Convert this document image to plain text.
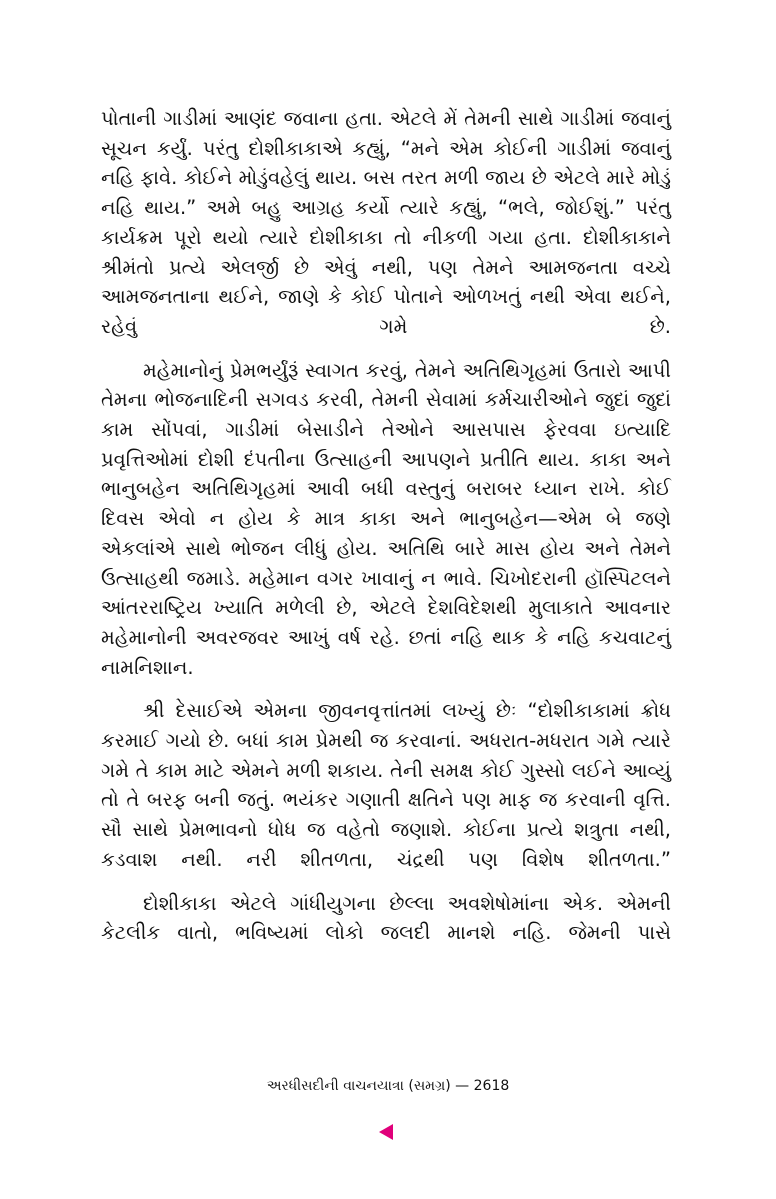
પોતાની ગાડીમાં આણંદ જવાના હતા. એટલે મેં તેમની સાથે ગાડીમાં જવાનું સૂચન કર્યું. પરંતુ દોશીકાકાએ કહ્યું, “મને એમ કોઈની ગાડીમાં જવાનું નહિ ફાવે. કોઈને મોડુંવહેલું થાય. બસ તરત મળી જાય છે એટલે મારે મોડું નહિ થાય.” અમે બહુ આગ્રહ કર્યો ત્યારે કહ્યું, “ભલે, જોઈશું.” પરંતુ કાર્યક્રમ પૂરો થયો ત્યારે દોશીકાકા તો નીકળી ગયા હતા. દોશીકાકાને શ્રીમંતો પ્રત્યે એલર્જી છે એવું નથી, પણ તેમને આમજનતા વચ્ચે આમજનતાના થઈને, જાણે કે કોઈ પોતાને ઓળખતું નથી એવા થઈને, રહેવું ગમે છે.

મહેમાનોનું પ્રેમભર્યુંરૂં સ્વાગત કરવું, તેમને અતિથિગૃહમાં ઉતારો આપી તેમના ભોજનાદિની સગવડ કરવી, તેમની સેવામાં કર્મચારીઓને જુદાં જુદાં કામ સોંપવાં, ગાડીમાં બેસાડીને તેઓને આસપાસ ફેરવવા ઇત્યાદિ પ્રવૃત્તિઓમાં દોશી દંપતીના ઉત્સાહની આપણને પ્રતીતિ થાય. કાકા અને ભાનુબહેન અતિથિગૃહમાં આવી બધી વસ્તુનું બરાબર ધ્યાન રાખે. કોઈ દિવસ એવો ન હોય કે માત્ર કાકા અને ભાનુબહેન—એમ બે જણે એકલાંએ સાથે ભોજન લીધું હોય. અતિથિ બારે માસ હોય અને તેમને ઉત્સાહથી જમાડે. મહેમાન વગર ખાવાનું ન ભાવે. ચિખોદરાની હૉસ્પિટલને આંતરરાષ્ટ્રિય ખ્યાતિ મળેલી છે, એટલે દેશવિદેશથી મુલાકાતે આવનાર મહેમાનોની અવરજવર આખું વર્ષ રહે. છતાં નહિ થાક કે નહિ કચવાટનું નામનિશાન.

શ્રી દેસાઈએ એમના જીવનવૃત્તાંતમાં લખ્યું છેઃ “દોશીકાકામાં ક્રોધ કરમાઈ ગયો છે. બધાં કામ પ્રેમથી જ કરવાનાં. અધરાત-મધરાત ગમે ત્યારે ગમે તે કામ માટે એમને મળી શકાય. તેની સમક્ષ કોઈ ગુસ્સો લઈને આવ્યું તો તે બરફ બની જતું. ભયંકર ગણાતી ક્ષતિને પણ માફ જ કરવાની વૃત્તિ. સૌ સાથે પ્રેમભાવનો ધોધ જ વહેતો જણાશે. કોઈના પ્રત્યે શત્રુતા નથી, કડવાશ નથી. નરી શીતળતા, ચંદ્રથી પણ વિશેષ શીતળતા.”

દોશીકાકા એટલે ગાંધીયુગના છેલ્લા અવશેષોમાંના એક. એમની કેટલીક વાતો, ભવિષ્યમાં લોકો જલદી માનશે નહિ. જેમની પાસે

અરધીસદીની વાચનયાત્રા (સમગ્ર) — 2618
